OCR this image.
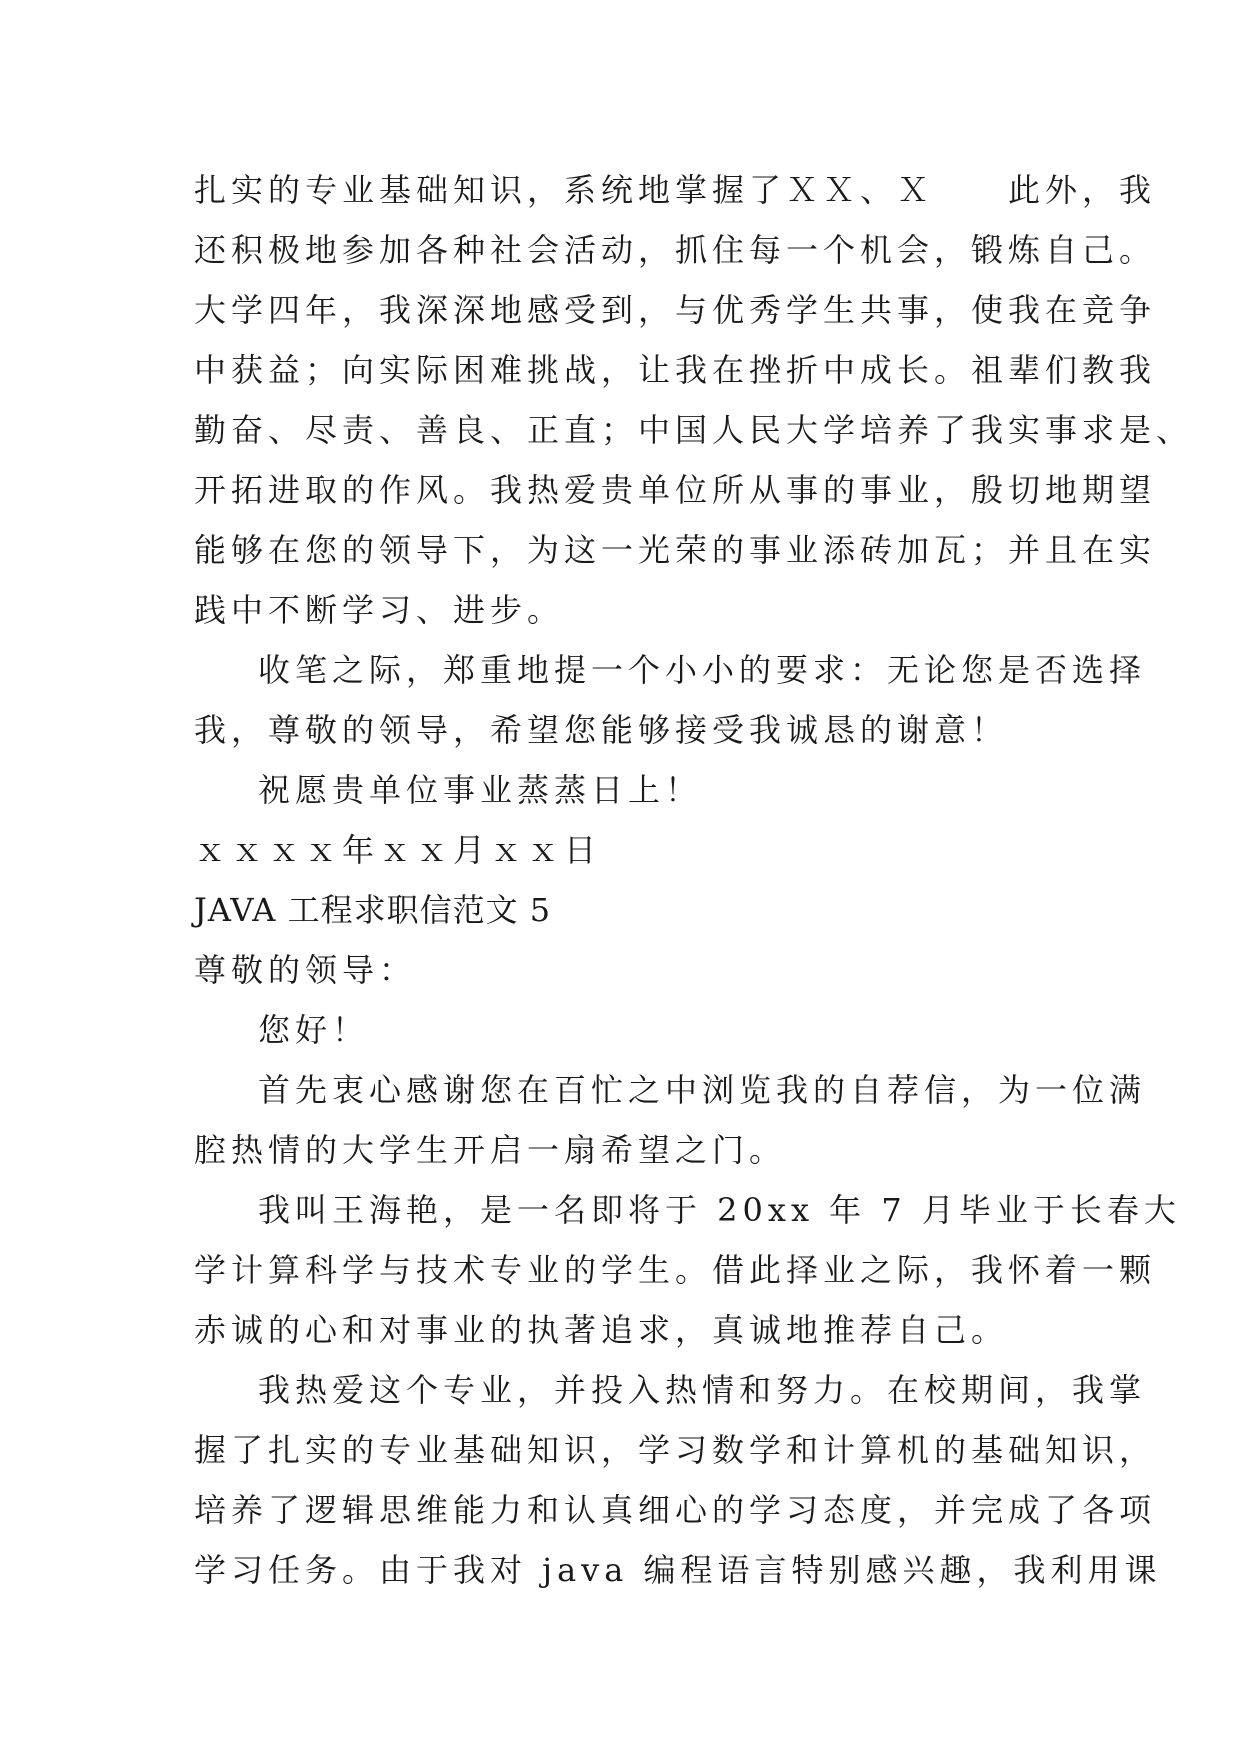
扎实的专业基础知识，系统地掌握了ＸＸ、Ｘ　　此外，我
还积极地参加各种社会活动，抓住每一个机会，锻炼自己。
大学四年，我深深地感受到，与优秀学生共事，使我在竞争
中获益；向实际困难挑战，让我在挫折中成长。祖辈们教我
勤奋、尽责、善良、正直；中国人民大学培养了我实事求是、
开拓进取的作风。我热爱贵单位所从事的事业，殷切地期望
能够在您的领导下，为这一光荣的事业添砖加瓦；并且在实
践中不断学习、进步。
收笔之际，郑重地提一个小小的要求：无论您是否选择
我，尊敬的领导，希望您能够接受我诚恳的谢意！
祝愿贵单位事业蒸蒸日上！
ｘｘｘｘ年ｘｘ月ｘｘ日
JAVA 工程求职信范文 5
尊敬的领导：
您好！
首先衷心感谢您在百忙之中浏览我的自荐信，为一位满
腔热情的大学生开启一扇希望之门。
我叫王海艳，是一名即将于 20xx 年 7 月毕业于长春大
学计算科学与技术专业的学生。借此择业之际，我怀着一颗
赤诚的心和对事业的执著追求，真诚地推荐自己。
我热爱这个专业，并投入热情和努力。在校期间，我掌
握了扎实的专业基础知识，学习数学和计算机的基础知识，
培养了逻辑思维能力和认真细心的学习态度，并完成了各项
学习任务。由于我对 java 编程语言特别感兴趣，我利用课
